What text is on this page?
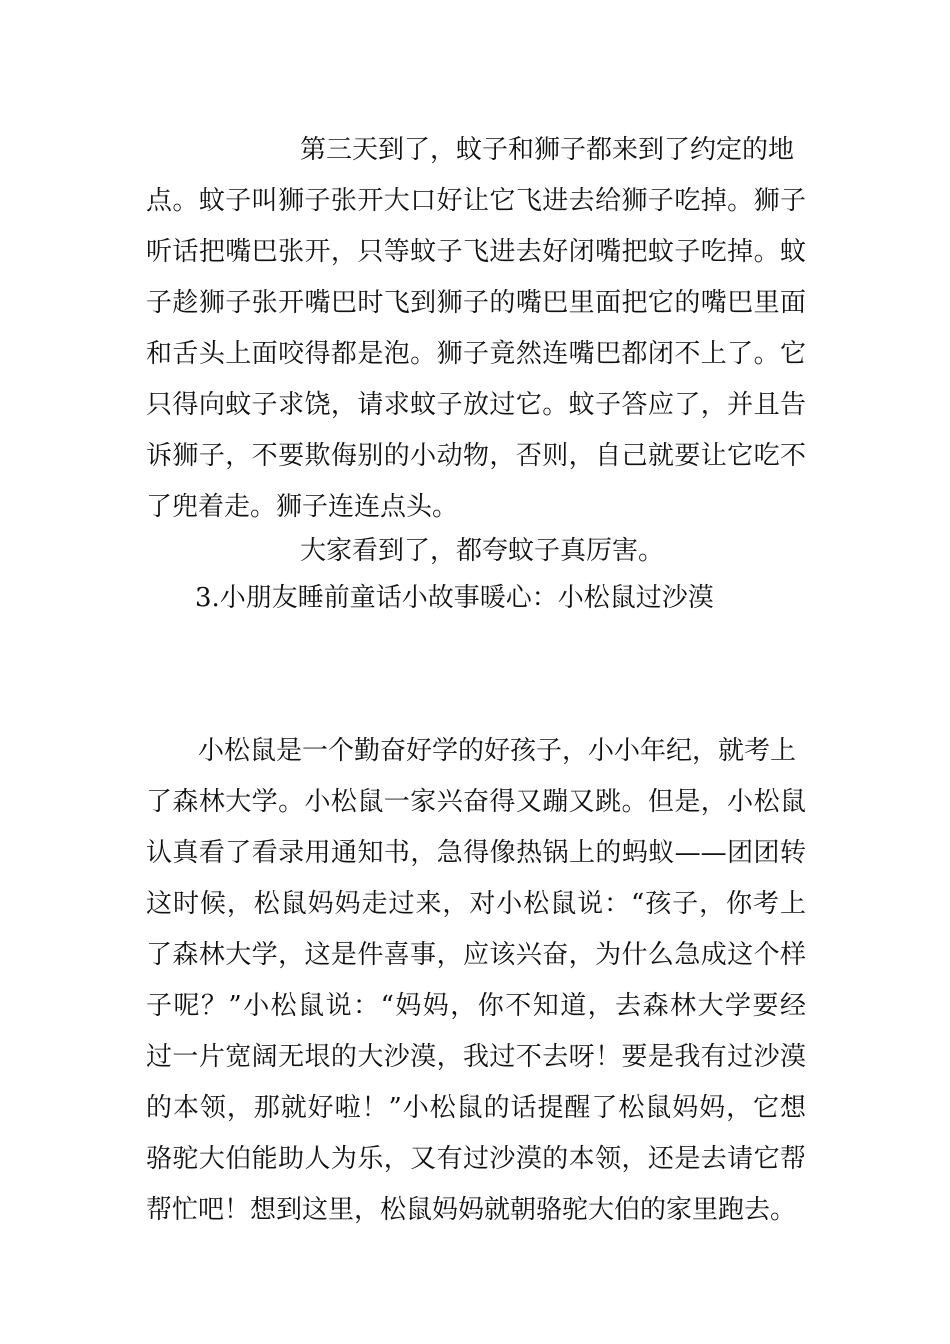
第三天到了，蚊子和狮子都来到了约定的地
点。蚊子叫狮子张开大口好让它飞进去给狮子吃掉。狮子
听话把嘴巴张开，只等蚊子飞进去好闭嘴把蚊子吃掉。蚊
子趁狮子张开嘴巴时飞到狮子的嘴巴里面把它的嘴巴里面
和舌头上面咬得都是泡。狮子竟然连嘴巴都闭不上了。它
只得向蚊子求饶，请求蚊子放过它。蚊子答应了，并且告
诉狮子，不要欺侮别的小动物，否则，自己就要让它吃不
了兜着走。狮子连连点头。
大家看到了，都夸蚊子真厉害。
3.小朋友睡前童话小故事暖心：小松鼠过沙漠
小松鼠是一个勤奋好学的好孩子，小小年纪，就考上
了森林大学。小松鼠一家兴奋得又蹦又跳。但是，小松鼠
认真看了看录用通知书，急得像热锅上的蚂蚁——团团转
这时候，松鼠妈妈走过来，对小松鼠说：“孩子，你考上
了森林大学，这是件喜事，应该兴奋，为什么急成这个样
子呢？”小松鼠说：“妈妈，你不知道，去森林大学要经
过一片宽阔无垠的大沙漠，我过不去呀！要是我有过沙漠
的本领，那就好啦！”小松鼠的话提醒了松鼠妈妈，它想
骆驼大伯能助人为乐，又有过沙漠的本领，还是去请它帮
帮忙吧！想到这里，松鼠妈妈就朝骆驼大伯的家里跑去。
